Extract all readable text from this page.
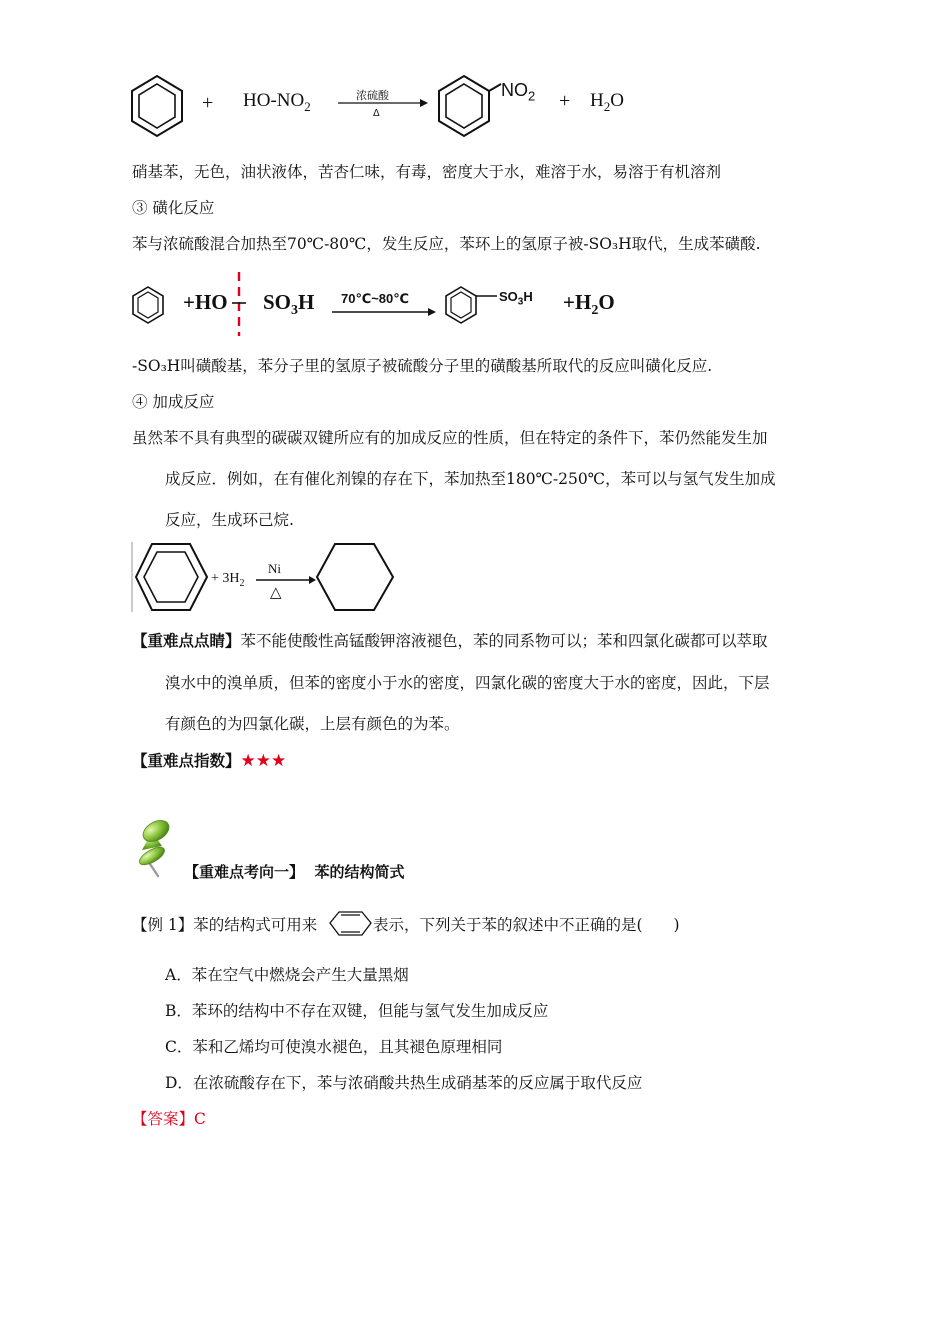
+ $HO-NO_2$
浓硫酸
Δ
$NO_2 + H_2O$
硝基苯，无色，油状液体，苦杏仁味，有毒，密度大于水，难溶于水，易溶于有机溶剂
③ 磺化反应
苯与浓硫酸混合加热至70℃-80℃，发生反应，苯环上的氢原子被-SO₃H取代，生成苯磺酸.
+HO $SO_3H$ 70℃~80℃	$SO_3H +H_2O$
-SO₃H叫磺酸基，苯分子里的氢原子被硫酸分子里的磺酸基所取代的反应叫磺化反应.
④ 加成反应
虽然苯不具有典型的碳碳双键所应有的加成反应的性质，但在特定的条件下，苯仍然能发生加
成反应．例如，在有催化剂镍的存在下，苯加热至180℃-250℃，苯可以与氢气发生加成
反应，生成环己烷.
+ $3H_2$
Ni
△
【重难点点睛】苯不能使酸性高锰酸钾溶液褪色，苯的同系物可以；苯和四氯化碳都可以萃取
溴水中的溴单质，但苯的密度小于水的密度，四氯化碳的密度大于水的密度，因此，下层
有颜色的为四氯化碳，上层有颜色的为苯。
【重难点指数】★★★
【重难点考向一】  苯的结构简式
【例 1】苯的结构式可用来	表示，下列关于苯的叙述中不正确的是(　　)
A．苯在空气中燃烧会产生大量黑烟
B．苯环的结构中不存在双键，但能与氢气发生加成反应
C．苯和乙烯均可使溴水褪色，且其褪色原理相同
D．在浓硫酸存在下，苯与浓硝酸共热生成硝基苯的反应属于取代反应
【答案】C
